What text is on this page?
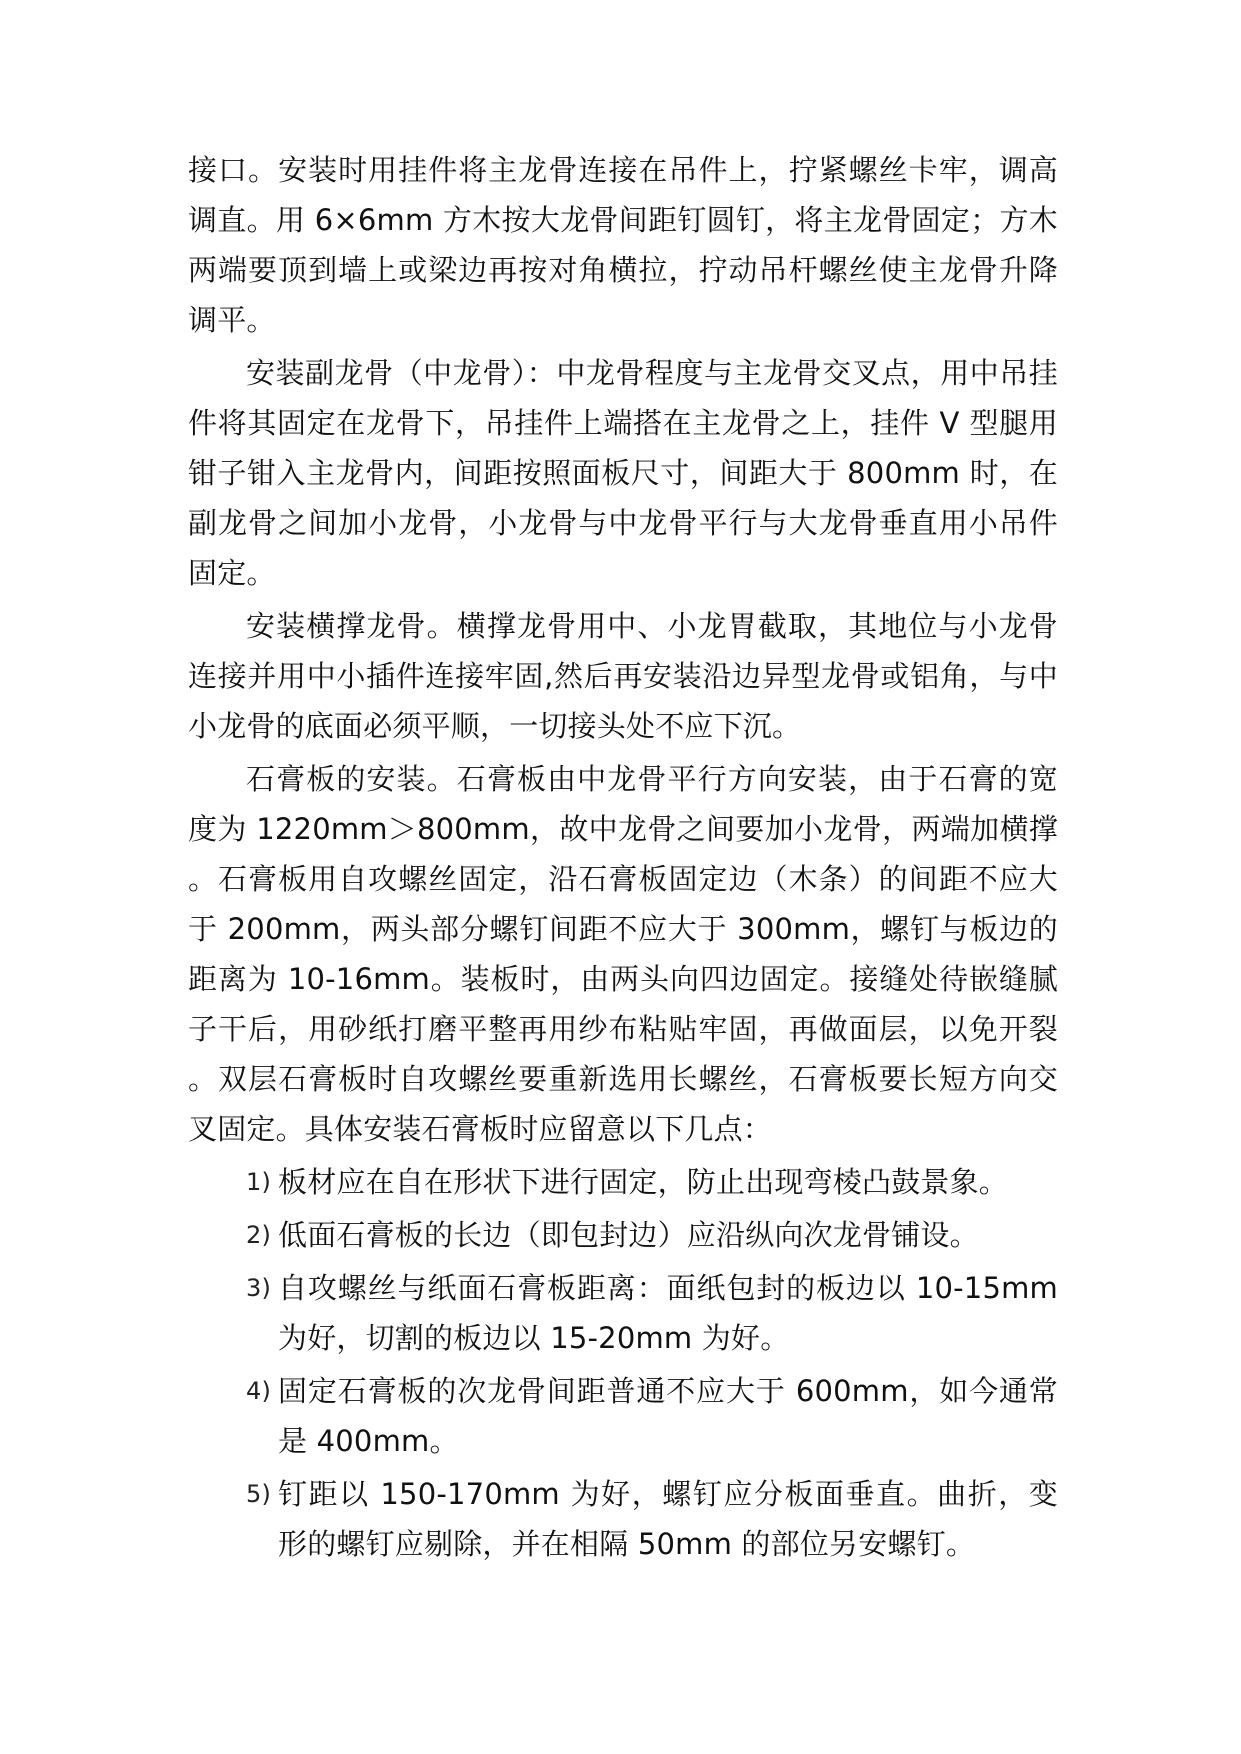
接口。安装时用挂件将主龙骨连接在吊件上，拧紧螺丝卡牢，调高调直。用 6×6mm 方木按大龙骨间距钉圆钉，将主龙骨固定；方木两端要顶到墙上或梁边再按对角横拉，拧动吊杆螺丝使主龙骨升降调平。

安装副龙骨（中龙骨）：中龙骨程度与主龙骨交叉点，用中吊挂件将其固定在龙骨下，吊挂件上端搭在主龙骨之上，挂件 V 型腿用钳子钳入主龙骨内，间距按照面板尺寸，间距大于 800mm 时，在副龙骨之间加小龙骨，小龙骨与中龙骨平行与大龙骨垂直用小吊件固定。

安装横撑龙骨。横撑龙骨用中、小龙胃截取，其地位与小龙骨连接并用中小插件连接牢固,然后再安装沿边异型龙骨或铝角，与中小龙骨的底面必须平顺，一切接头处不应下沉。

石膏板的安装。石膏板由中龙骨平行方向安装，由于石膏的宽度为 1220mm＞800mm，故中龙骨之间要加小龙骨，两端加横撑。石膏板用自攻螺丝固定，沿石膏板固定边（木条）的间距不应大于 200mm，两头部分螺钉间距不应大于 300mm，螺钉与板边的距离为 10-16mm。装板时，由两头向四边固定。接缝处待嵌缝腻子干后，用砂纸打磨平整再用纱布粘贴牢固，再做面层，以免开裂。双层石膏板时自攻螺丝要重新选用长螺丝，石膏板要长短方向交叉固定。具体安装石膏板时应留意以下几点：

1) 板材应在自在形状下进行固定，防止出现弯棱凸鼓景象。
2) 低面石膏板的长边（即包封边）应沿纵向次龙骨铺设。
3) 自攻螺丝与纸面石膏板距离：面纸包封的板边以 10-15mm 为好，切割的板边以 15-20mm 为好。
4) 固定石膏板的次龙骨间距普通不应大于 600mm，如今通常是 400mm。
5) 钉距以 150-170mm 为好，螺钉应分板面垂直。曲折，变形的螺钉应剔除，并在相隔 50mm 的部位另安螺钉。
